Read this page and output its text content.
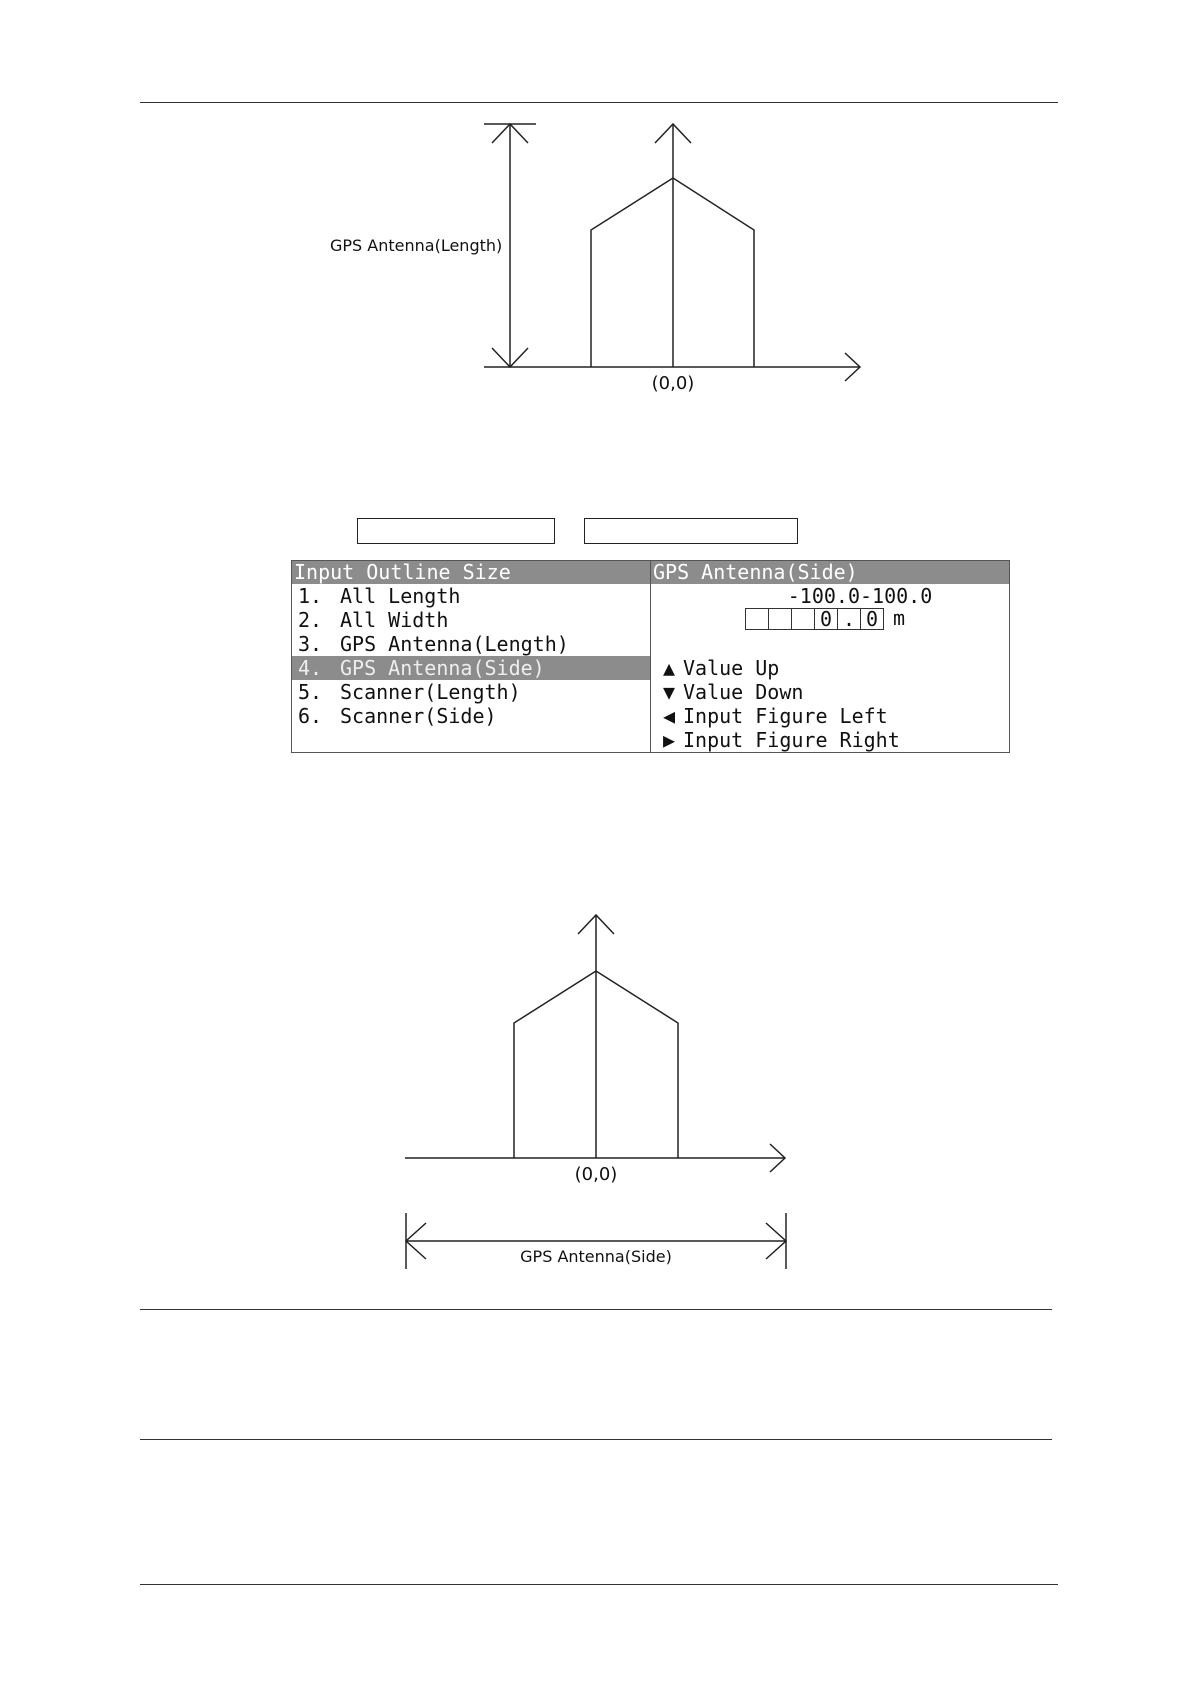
GPS Antenna(Length)
(0,0)
Input Outline Size
1. All Length
2. All Width
3. GPS Antenna(Length)
4. GPS Antenna(Side)
5. Scanner(Length)
6. Scanner(Side)
GPS Antenna(Side)
-100.0-100.0
0 . 0 m
▲ Value Up
▼ Value Down
◀ Input Figure Left
▶ Input Figure Right
(0,0)
GPS Antenna(Side)
